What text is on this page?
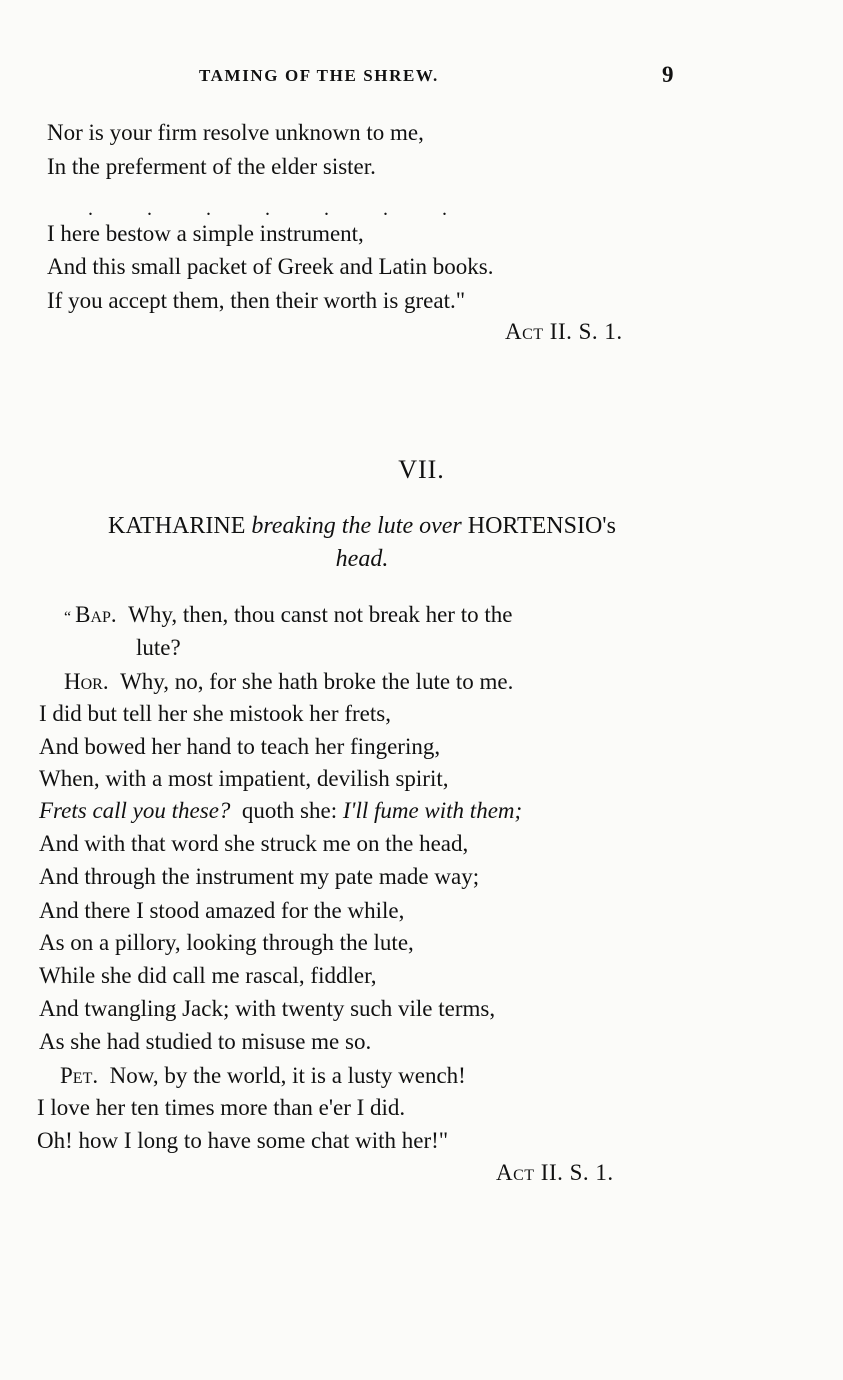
TAMING OF THE SHREW.	9
Nor is your firm resolve unknown to me,
In the preferment of the elder sister.
.	.	.	.	.	.	.
I here bestow a simple instrument,
And this small packet of Greek and Latin books.
If you accept them, then their worth is great."
Act II. S. 1.
VII.
KATHARINE breaking the lute over HORTENSIO's
head.
“ Bap. Why, then, thou canst not break her to the
lute?
Hor. Why, no, for she hath broke the lute to me.
I did but tell her she mistook her frets,
And bowed her hand to teach her fingering,
When, with a most impatient, devilish spirit,
Frets call you these? quoth she: I'll fume with them;
And with that word she struck me on the head,
And through the instrument my pate made way;
And there I stood amazed for the while,
As on a pillory, looking through the lute,
While she did call me rascal, fiddler,
And twangling Jack; with twenty such vile terms,
As she had studied to misuse me so.
Pet. Now, by the world, it is a lusty wench!
I love her ten times more than e'er I did.
Oh! how I long to have some chat with her!"
Act II. S. 1.
